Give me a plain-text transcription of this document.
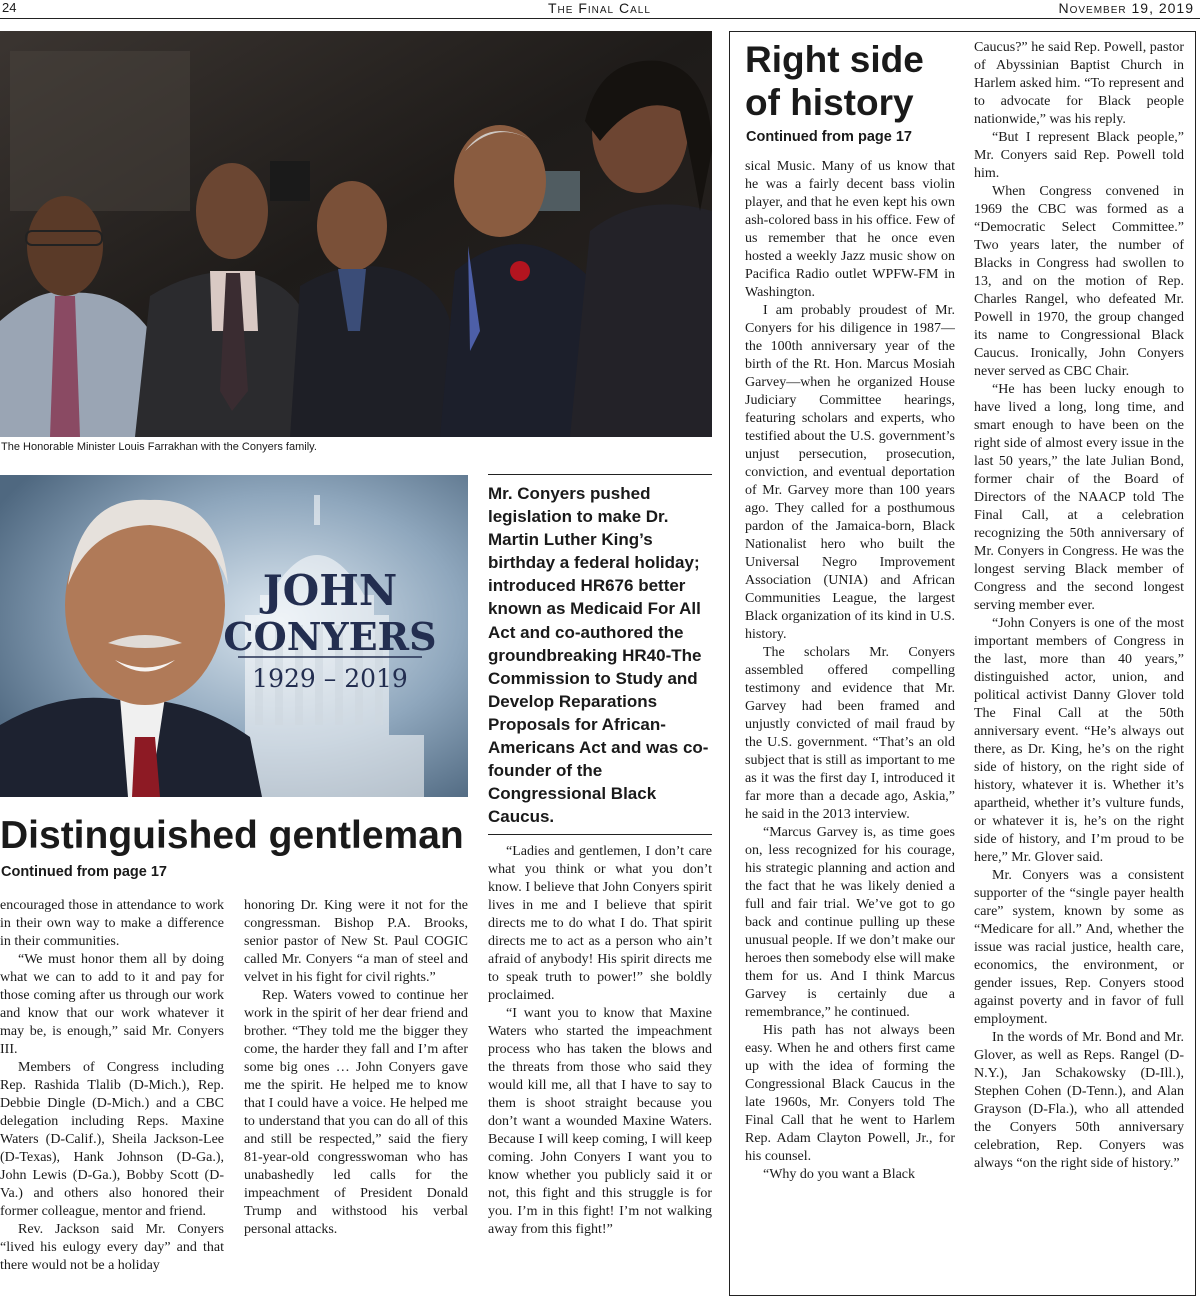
24	The Final Call	November 19, 2019
The Honorable Minister Louis Farrakhan with the Conyers family.
JOHN
CONYERS
1929 – 2019
Mr. Conyers pushed legislation to make Dr. Martin Luther King’s birthday a federal holiday; introduced HR676 better known as Medicaid For All Act and co-authored the groundbreaking HR40-The Commission to Study and Develop Reparations Proposals for African-Americans Act and was co-founder of the Congressional Black Caucus.
Distinguished gentleman
Continued from page 17

encouraged those in attendance to work in their own way to make a difference in their communities.

“We must honor them all by doing what we can to add to it and pay for those coming after us through our work and know that our work whatever it may be, is enough,” said Mr. Conyers III.

Members of Congress including Rep. Rashida Tlalib (D-Mich.), Rep. Debbie Dingle (D-Mich.) and a CBC delegation including Reps. Maxine Waters (D-Calif.), Sheila Jackson-Lee (D-Texas), Hank Johnson (D-Ga.), John Lewis (D-Ga.), Bobby Scott (D-Va.) and others also honored their former colleague, mentor and friend.

Rev. Jackson said Mr. Conyers “lived his eulogy every day” and that there would not be a holiday

honoring Dr. King were it not for the congressman. Bishop P.A. Brooks, senior pastor of New St. Paul COGIC called Mr. Conyers “a man of steel and velvet in his fight for civil rights.”

Rep. Waters vowed to continue her work in the spirit of her dear friend and brother. “They told me the bigger they come, the harder they fall and I’m after some big ones … John Conyers gave me the spirit. He helped me to know that I could have a voice. He helped me to understand that you can do all of this and still be respected,” said the fiery 81-year-old congresswoman who has unabashedly led calls for the impeachment of President Donald Trump and withstood his verbal personal attacks.

“Ladies and gentlemen, I don’t care what you think or what you don’t know. I believe that John Conyers spirit lives in me and I believe that spirit directs me to do what I do. That spirit directs me to act as a person who ain’t afraid of anybody! His spirit directs me to speak truth to power!” she boldly proclaimed.

“I want you to know that Maxine Waters who started the impeachment process who has taken the blows and the threats from those who said they would kill me, all that I have to say to them is shoot straight because you don’t want a wounded Maxine Waters. Because I will keep coming, I will keep coming. John Conyers I want you to know whether you publicly said it or not, this fight and this struggle is for you. I’m in this fight! I’m not walking away from this fight!”

Right side of history
Continued from page 17

sical Music. Many of us know that he was a fairly decent bass violin player, and that he even kept his own ash-colored bass in his office. Few of us remember that he once even hosted a weekly Jazz music show on Pacifica Radio outlet WPFW-FM in Washington.

I am probably proudest of Mr. Conyers for his diligence in 1987—the 100th anniversary year of the birth of the Rt. Hon. Marcus Mosiah Garvey—when he organized House Judiciary Committee hearings, featuring scholars and experts, who testified about the U.S. government’s unjust persecution, prosecution, conviction, and eventual deportation of Mr. Garvey more than 100 years ago. They called for a posthumous pardon of the Jamaica-born, Black Nationalist hero who built the Universal Negro Improvement Association (UNIA) and African Communities League, the largest Black organization of its kind in U.S. history.

The scholars Mr. Conyers assembled offered compelling testimony and evidence that Mr. Garvey had been framed and unjustly convicted of mail fraud by the U.S. government. “That’s an old subject that is still as important to me as it was the first day I, introduced it far more than a decade ago, Askia,” he said in the 2013 interview.

“Marcus Garvey is, as time goes on, less recognized for his courage, his strategic planning and action and the fact that he was likely denied a full and fair trial. We’ve got to go back and continue pulling up these unusual people. If we don’t make our heroes then somebody else will make them for us. And I think Marcus Garvey is certainly due a remembrance,” he continued.

His path has not always been easy. When he and others first came up with the idea of forming the Congressional Black Caucus in the late 1960s, Mr. Conyers told The Final Call that he went to Harlem Rep. Adam Clayton Powell, Jr., for his counsel.

“Why do you want a Black

Caucus?” he said Rep. Powell, pastor of Abyssinian Baptist Church in Harlem asked him. “To represent and to advocate for Black people nationwide,” was his reply.

“But I represent Black people,” Mr. Conyers said Rep. Powell told him.

When Congress convened in 1969 the CBC was formed as a “Democratic Select Committee.” Two years later, the number of Blacks in Congress had swollen to 13, and on the motion of Rep. Charles Rangel, who defeated Mr. Powell in 1970, the group changed its name to Congressional Black Caucus. Ironically, John Conyers never served as CBC Chair.

“He has been lucky enough to have lived a long, long time, and smart enough to have been on the right side of almost every issue in the last 50 years,” the late Julian Bond, former chair of the Board of Directors of the NAACP told The Final Call, at a celebration recognizing the 50th anniversary of Mr. Conyers in Congress. He was the longest serving Black member of Congress and the second longest serving member ever.

“John Conyers is one of the most important members of Congress in the last, more than 40 years,” distinguished actor, union, and political activist Danny Glover told The Final Call at the 50th anniversary event. “He’s always out there, as Dr. King, he’s on the right side of history, on the right side of history, whatever it is. Whether it’s apartheid, whether it’s vulture funds, or whatever it is, he’s on the right side of history, and I’m proud to be here,” Mr. Glover said.

Mr. Conyers was a consistent supporter of the “single payer health care” system, known by some as “Medicare for all.” And, whether the issue was racial justice, health care, economics, the environment, or gender issues, Rep. Conyers stood against poverty and in favor of full employment.

In the words of Mr. Bond and Mr. Glover, as well as Reps. Rangel (D-N.Y.), Jan Schakowsky (D-Ill.), Stephen Cohen (D-Tenn.), and Alan Grayson (D-Fla.), who all attended the Conyers 50th anniversary celebration, Rep. Conyers was always “on the right side of history.”
